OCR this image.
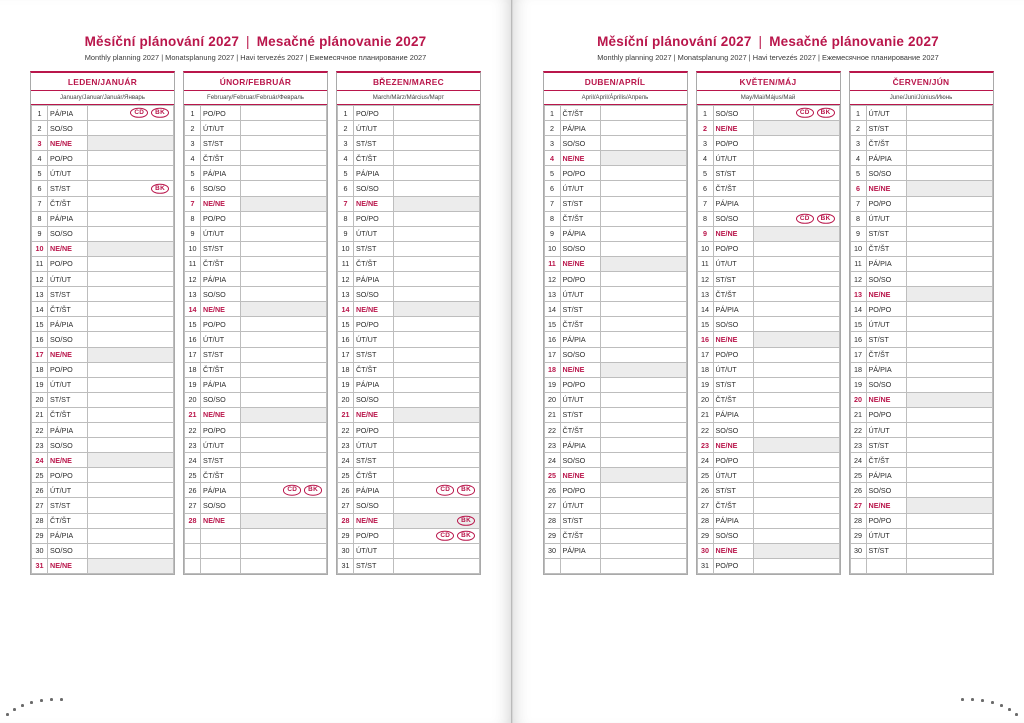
Měsíční plánování 2027 | Mesačné plánovanie 2027
Monthly planning 2027 | Monatsplanung 2027 | Havi tervezés 2027 | Ежемесячное планирование 2027
LEDEN/JANUÁR
January/Januar/Január/Январь
1	PÁ/PIA	CD BK

2	SO/SO	
3	NE/NE	
4	PO/PO	
5	ÚT/UT	
6	ST/ST	BK

7	ČT/ŠT	
8	PÁ/PIA	
9	SO/SO	
10	NE/NE	
11	PO/PO	
12	ÚT/UT	
13	ST/ST	
14	ČT/ŠT	
15	PÁ/PIA	
16	SO/SO	
17	NE/NE	
18	PO/PO	
19	ÚT/UT	
20	ST/ST	
21	ČT/ŠT	
22	PÁ/PIA	
23	SO/SO	
24	NE/NE	
25	PO/PO	
26	ÚT/UT	
27	ST/ST	
28	ČT/ŠT	
29	PÁ/PIA	
30	SO/SO	
31	NE/NE	
ÚNOR/FEBRUÁR
February/Februar/Február/Февраль
1	PO/PO	
2	ÚT/UT	
3	ST/ST	
4	ČT/ŠT	
5	PÁ/PIA	
6	SO/SO	
7	NE/NE	
8	PO/PO	
9	ÚT/UT	
10	ST/ST	
11	ČT/ŠT	
12	PÁ/PIA	
13	SO/SO	
14	NE/NE	
15	PO/PO	
16	ÚT/UT	
17	ST/ST	
18	ČT/ŠT	
19	PÁ/PIA	
20	SO/SO	
21	NE/NE	
22	PO/PO	
23	ÚT/UT	
24	ST/ST	
25	ČT/ŠT	
26	PÁ/PIA	CD BK

27	SO/SO	
28	NE/NE	

BŘEZEN/MAREC
March/März/Március/Март
1	PO/PO	
2	ÚT/UT	
3	ST/ST	
4	ČT/ŠT	
5	PÁ/PIA	
6	SO/SO	
7	NE/NE	
8	PO/PO	
9	ÚT/UT	
10	ST/ST	
11	ČT/ŠT	
12	PÁ/PIA	
13	SO/SO	
14	NE/NE	
15	PO/PO	
16	ÚT/UT	
17	ST/ST	
18	ČT/ŠT	
19	PÁ/PIA	
20	SO/SO	
21	NE/NE	
22	PO/PO	
23	ÚT/UT	
24	ST/ST	
25	ČT/ŠT	
26	PÁ/PIA	CD BK

27	SO/SO	
28	NE/NE	BK

29	PO/PO	CD BK

30	ÚT/UT	
31	ST/ST	
Měsíční plánování 2027 | Mesačné plánovanie 2027
Monthly planning 2027 | Monatsplanung 2027 | Havi tervezés 2027 | Ежемесячное планирование 2027
DUBEN/APRÍL
April/April/Április/Апрель
1	ČT/ŠT	
2	PÁ/PIA	
3	SO/SO	
4	NE/NE	
5	PO/PO	
6	ÚT/UT	
7	ST/ST	
8	ČT/ŠT	
9	PÁ/PIA	
10	SO/SO	
11	NE/NE	
12	PO/PO	
13	ÚT/UT	
14	ST/ST	
15	ČT/ŠT	
16	PÁ/PIA	
17	SO/SO	
18	NE/NE	
19	PO/PO	
20	ÚT/UT	
21	ST/ST	
22	ČT/ŠT	
23	PÁ/PIA	
24	SO/SO	
25	NE/NE	
26	PO/PO	
27	ÚT/UT	
28	ST/ST	
29	ČT/ŠT	
30	PÁ/PIA	

KVĚTEN/MÁJ
May/Mai/Május/Май
1	SO/SO	CD BK

2	NE/NE	
3	PO/PO	
4	ÚT/UT	
5	ST/ST	
6	ČT/ŠT	
7	PÁ/PIA	
8	SO/SO	CD BK

9	NE/NE	
10	PO/PO	
11	ÚT/UT	
12	ST/ST	
13	ČT/ŠT	
14	PÁ/PIA	
15	SO/SO	
16	NE/NE	
17	PO/PO	
18	ÚT/UT	
19	ST/ST	
20	ČT/ŠT	
21	PÁ/PIA	
22	SO/SO	
23	NE/NE	
24	PO/PO	
25	ÚT/UT	
26	ST/ST	
27	ČT/ŠT	
28	PÁ/PIA	
29	SO/SO	
30	NE/NE	
31	PO/PO	
ČERVEN/JÚN
June/Juni/Június/Июнь
1	ÚT/UT	
2	ST/ST	
3	ČT/ŠT	
4	PÁ/PIA	
5	SO/SO	
6	NE/NE	
7	PO/PO	
8	ÚT/UT	
9	ST/ST	
10	ČT/ŠT	
11	PÁ/PIA	
12	SO/SO	
13	NE/NE	
14	PO/PO	
15	ÚT/UT	
16	ST/ST	
17	ČT/ŠT	
18	PÁ/PIA	
19	SO/SO	
20	NE/NE	
21	PO/PO	
22	ÚT/UT	
23	ST/ST	
24	ČT/ŠT	
25	PÁ/PIA	
26	SO/SO	
27	NE/NE	
28	PO/PO	
29	ÚT/UT	
30	ST/ST	
